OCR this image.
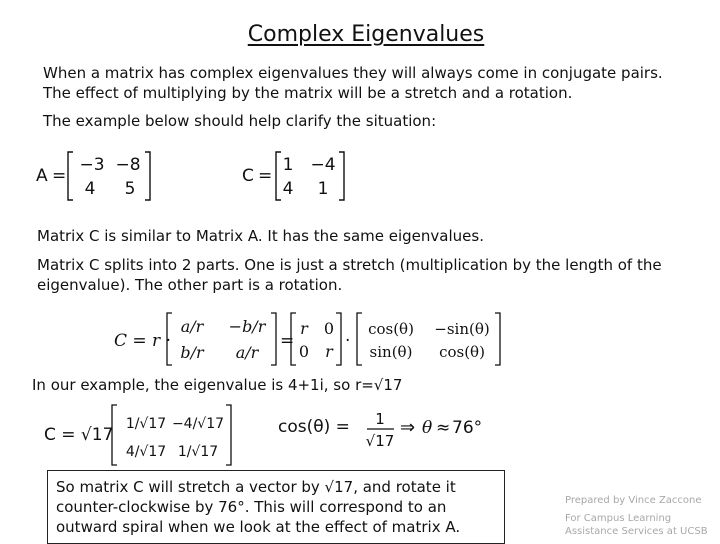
Complex Eigenvalues
When a matrix has complex eigenvalues they will always come in conjugate pairs. The effect of multiplying by the matrix will be a stretch and a rotation.
The example below should help clarify the situation:
A =
−3 −8
4 5
C =
1 −4
4 1
Matrix C is similar to Matrix A. It has the same eigenvalues.
Matrix C splits into 2 parts. One is just a stretch (multiplication by the length of the eigenvalue). The other part is a rotation.
C = r ·
a/r −b/r
b/r a/r
=
r 0
0 r
·
cos(θ) −sin(θ)
sin(θ) cos(θ)
In our example, the eigenvalue is 4+1i, so r=√17
C = √17
1/√17 −4/√17
4/√17 1/√17
cos(θ) = 1
√17
⇒ θ ≈ 76°
So matrix C will stretch a vector by √17, and rotate it counter-clockwise by 76°. This will correspond to an outward spiral when we look at the effect of matrix A.
Prepared by Vince Zaccone
For Campus Learning Assistance Services at UCSB
